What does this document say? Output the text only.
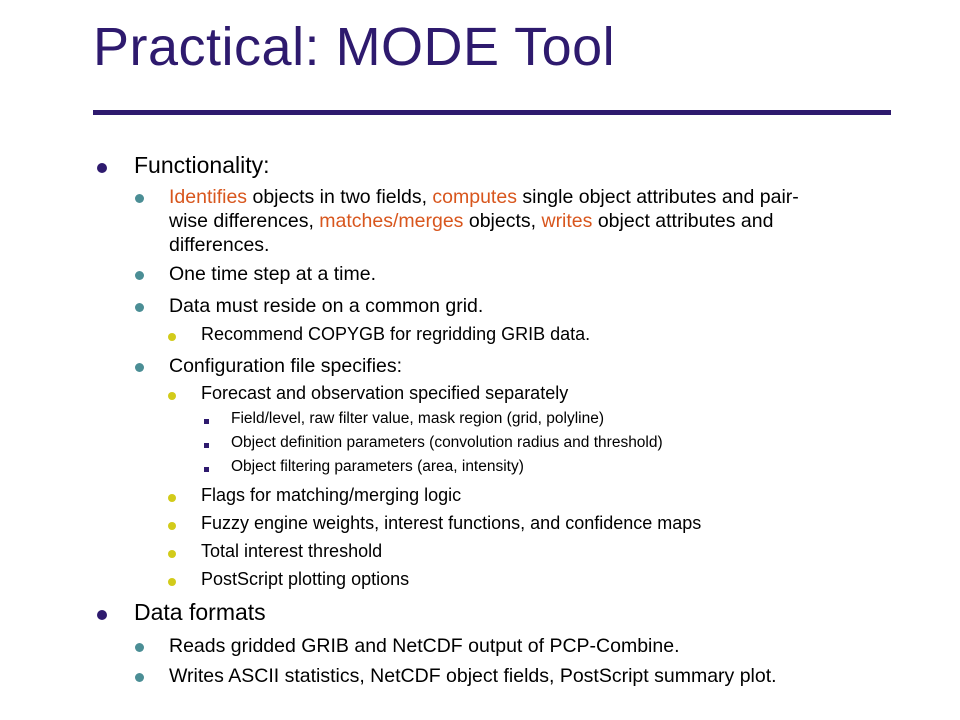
Practical: MODE Tool
Functionality:
Identifies objects in two fields, computes single object attributes and pair-
wise differences, matches/merges objects, writes object attributes and
differences.
One time step at a time.
Data must reside on a common grid.
Recommend COPYGB for regridding GRIB data.
Configuration file specifies:
Forecast and observation specified separately
Field/level, raw filter value, mask region (grid, polyline)
Object definition parameters (convolution radius and threshold)
Object filtering parameters (area, intensity)
Flags for matching/merging logic
Fuzzy engine weights, interest functions, and confidence maps
Total interest threshold
PostScript plotting options
Data formats
Reads gridded GRIB and NetCDF output of PCP-Combine.
Writes ASCII statistics, NetCDF object fields, PostScript summary plot.
